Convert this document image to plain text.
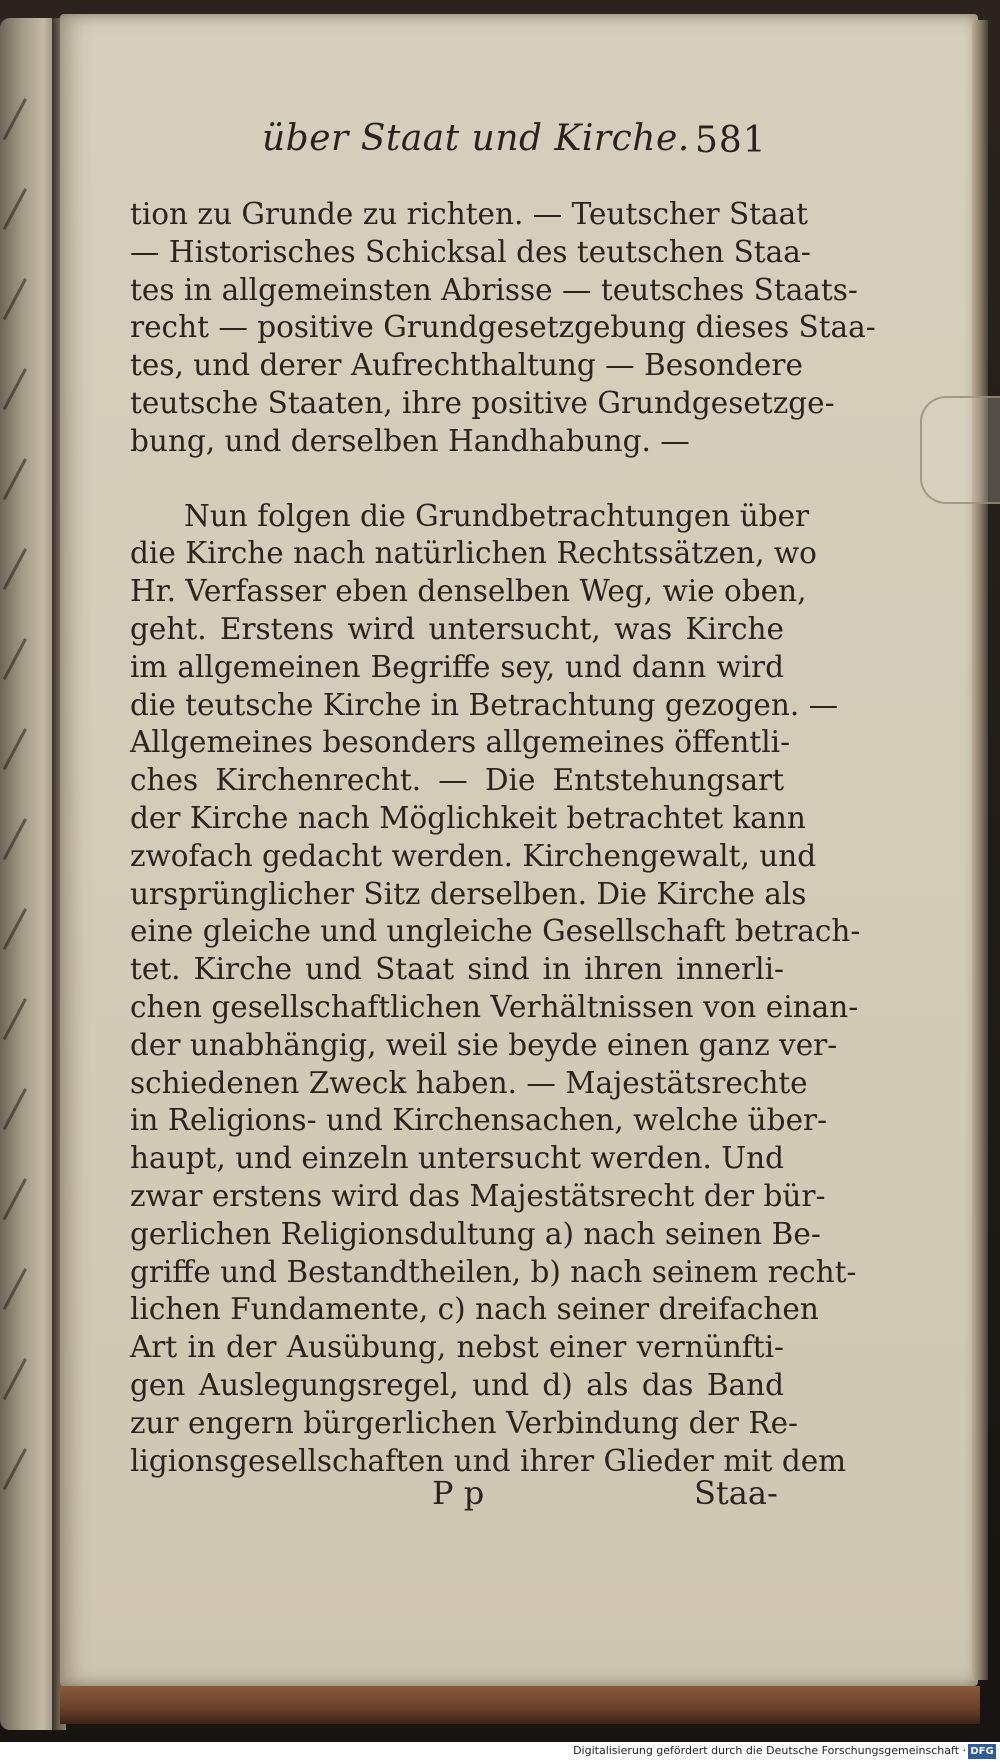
über Staat und Kirche. 581
tion zu Grunde zu richten. — Teutscher Staat
— Historisches Schicksal des teutschen Staa-
tes in allgemeinsten Abrisse — teutsches Staats-
recht — positive Grundgesetzgebung dieses Staa-
tes, und derer Aufrechthaltung — Besondere
teutsche Staaten, ihre positive Grundgesetzge-
bung, und derselben Handhabung. —
Nun folgen die Grundbetrachtungen über
die Kirche nach natürlichen Rechtssätzen, wo
Hr. Verfasser eben denselben Weg, wie oben,
geht. Erstens wird untersucht, was Kirche
im allgemeinen Begriffe sey, und dann wird
die teutsche Kirche in Betrachtung gezogen. —
Allgemeines besonders allgemeines öffentli-
ches Kirchenrecht. — Die Entstehungsart
der Kirche nach Möglichkeit betrachtet kann
zwofach gedacht werden. Kirchengewalt, und
ursprünglicher Sitz derselben. Die Kirche als
eine gleiche und ungleiche Gesellschaft betrach-
tet. Kirche und Staat sind in ihren innerli-
chen gesellschaftlichen Verhältnissen von einan-
der unabhängig, weil sie beyde einen ganz ver-
schiedenen Zweck haben. — Majestätsrechte
in Religions- und Kirchensachen, welche über-
haupt, und einzeln untersucht werden. Und
zwar erstens wird das Majestätsrecht der bür-
gerlichen Religionsdultung a) nach seinen Be-
griffe und Bestandtheilen, b) nach seinem recht-
lichen Fundamente, c) nach seiner dreifachen
Art in der Ausübung, nebst einer vernünfti-
gen Auslegungsregel, und d) als das Band
zur engern bürgerlichen Verbindung der Re-
ligionsgesellschaften und ihrer Glieder mit dem
P p	Staa-
Digitalisierung gefördert durch die Deutsche Forschungsgemeinschaft · DFG
